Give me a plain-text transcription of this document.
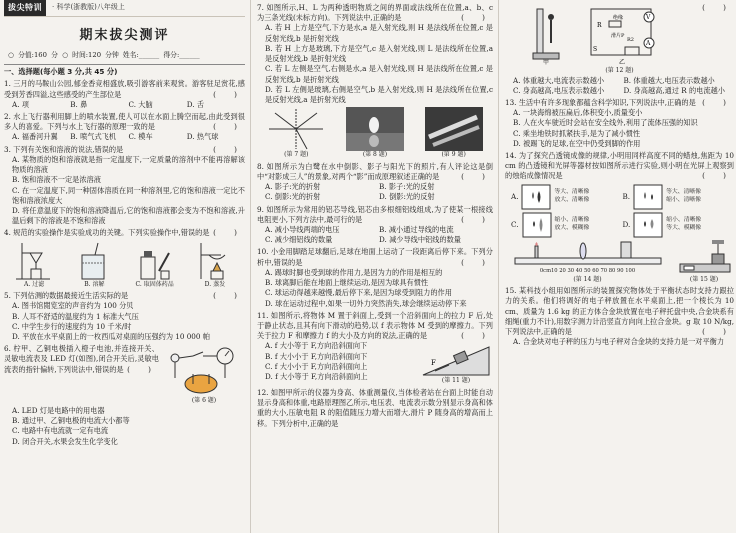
拔尖特训	· 科学(浙教版)八年级上
期末拔尖测评
○ 分值:160 分 ○ 时间:120 分钟 姓名:______ 得分:______
一、选择题(每小题 3 分,共 45 分)
1. 三月的马鞍山公园,郁金香竞相盛放,吸引游客前来观赏。游客驻足赏花,感受到芳香四溢,这些感受的产生部位是	( )
A. 项	B. 鼻	C. 大脑	D. 舌
2. 水上飞行器利用脚上的喷水装置,使人可以在水面上腾空而起,由此受到很多人的喜爱。下列与水上飞行器的原理一致的是	( )
A. 福番河升翼	B. 喷气式飞机	C. 模车	D. 热气球
3. 下列有关饱和溶液的说法,错误的是	( )
A. 某物质的饱和溶液就是指一定温度下,一定质量的溶剂中不能再溶解该物质的溶液
B. 饱和溶液不一定是浓溶液
C. 在一定温度下,同一种固体溶质在同一种溶剂里,它的饱和溶液一定比不饱和溶液浓度大
D. 将任意温度下的饱和溶液降温后,它的饱和溶液都会变为不饱和溶液,升温后剩下的溶液是不饱和溶液
4. 规范的实验操作是实验成功的关键。下列实验操作中,错误的是 ( )
A. 过滤	B. 溶解	C. 取固体药品	D. 蒸发
5. 下列估测的数据最接近生活实际的是	( )
A. 图书馆閲览室的声音约为 100 分贝
B. 人耳不舒适的温度约为 1 标准大气压
C. 中学生步行的速度约为 10 千米/时
D. 平放在水平桌面上的一枚西瓜对桌面的压强约为 10 000 帕
(第 6 题)
6. 柠甲、乙铜电极插入橙子电池,并连接开关、灵敏电流表及 LED 灯(如图),闭合开关后,灵敏电流表的指针偏转,下列说法中,错误的是 ( )
A. LED 灯是电路中的用电器
B. 通过甲、乙铜电极的电流大小都等
C. 电路中有电流就一定有电流
D. 闭合开关,水果会发生化学变化
7. 如图所示,H、L 为两种透明物质之间的界面或法线所在位置,a、b、c 为三条光线(未标方向)。下列说法中,正确的是	( )
A. 若 H 上方是空气,下方是水,a 是入射光线,则 H 是法线所在位置,c 是反射光线,b 是折射光线
B. 若 H 上方是玻璃,下方是空气,c 是入射光线,则 L 是法线所在位置,a 是反射光线,b 是折射光线
C. 若 L 左侧是空气,右侧是水,a 是入射光线,则 H 是法线所在位置,c 是反射光线,b 是折射光线
D. 若 L 左侧是玻璃,右侧是空气,b 是入射光线,则 H 是法线所在位置,c 是反射光线,a 是折射光线
(第 7 题)	(第 8 题)	(第 9 题)
8. 如图所示为白鹭在水中倒影、影子与阳光下的照片,有人评论这是倒中“对影成三人”的景象,对两个“影”而成原理叙述正确的是	( )
A. 影子:光的折射	B. 影子:光的反射
C. 倒影:光的折射	D. 倒影:光的反射
9. 如图所示为常用的铝芯导线,铝芯由多根细铝线组成,为了使某一根接线电阻更小,下列方法中,最可行的是	( )
A. 减小导线两端的电压	B. 减小通过导线的电流
C. 减少细铝线的数量	D. 减少导线中铝线的数量
10. 小金用脚踏足球翻后,足球在地面上运动了一段距离后停下来。下列分析中,错误的是	( )
A. 踢球时脚也受到球的作用力,是因为力的作用是相互的
B. 球离脚后能在地面上继续运动,是因为球具有惯性
C. 球运动得越来越慢,最后停下来,是因为球受到阻力的作用
D. 球在运动过程中,如果一切外力突然消失,球会继续运动停下来
11. 如图所示,将物体 M 置于斜面上,受到一个沿斜面向上的拉力 F 后,处于静止状态,且其有向下滑动的趋势,以 f 表示物体 M 受到的摩擦力。下列关于拉力 F 和摩擦力 f 的大小及方向的说法,正确的是	( )
A. f 大小等于 F,方向沿斜面向下
B. f 大小小于 F,方向沿斜面向下
C. f 大小小于 F,方向沿斜面向上
D. f 大小等于 F,方向沿斜面向上
F
(第 11 题)
12. 如图甲所示的仪器为身高、体重测量仪,当体检者站在台面上时能自动显示身高和体重,电路原理图乙所示,电压表、电流表示数分别显示身高和体重的大小,压敏电阻 R 的阻值随压力增大而增大,滑片 P 随身高的增高而上移。下列分析中,正确的是
( )
甲
V
A
绝缘
R
R2
S
滑片P
乙
(第 12 题)
A. 体重越大,电流表示数越小	B. 体重越大,电压表示数越小
C. 身高越高,电压表示数越小	D. 身高越高,通过 R 的电流越小
13. 生活中有许多现象都蕴含科学知识,下列说法中,正确的是 ( )
A. 一块海绵被压扁后,体积变小,质量变小
B. 人在火车驶近时会站在安全线外,利用了流体压强的知识
C. 乘坐地铁时抓紧扶手,是为了减小惯性
D. 被踢飞的足球,在空中仍受到脚的作用
14. 为了探究凸透镜成像的规律,小明用同样高度不同的蜡烛,焦距为 10 cm 的凸透镜和光屏等器材按如图所示进行实验,则小明在光屏上观察到的烛焰成像情况是	( )
A.	等大、清晰像
放大、清晰像	B.	等大、清晰像
缩小、清晰像
C.	缩小、清晰像
放大、模糊像	D.	缩小、清晰像
等大、模糊像
0cm10 20 30 40 50 60 70 80 90 100
(第 14 题)	(第 15 题)
15. 某科技小组用如图所示的装置探究物体处于平衡状态时支持力跟拉力的关系。他们将调好的电子秤放置在水平桌面上,把一个棱长为 10 cm、质量为 1.6 kg 的正方体合金块放置在电子秤托盘中央,合金块系有细绳(重力不计),用数字测力计沿竖直方向向上拉合金块。g 取 10 N/kg,下列说法中,正确的是	( )
A. 合金块对电子秤的压力与电子秤对合金块的支持力是一对平衡力
